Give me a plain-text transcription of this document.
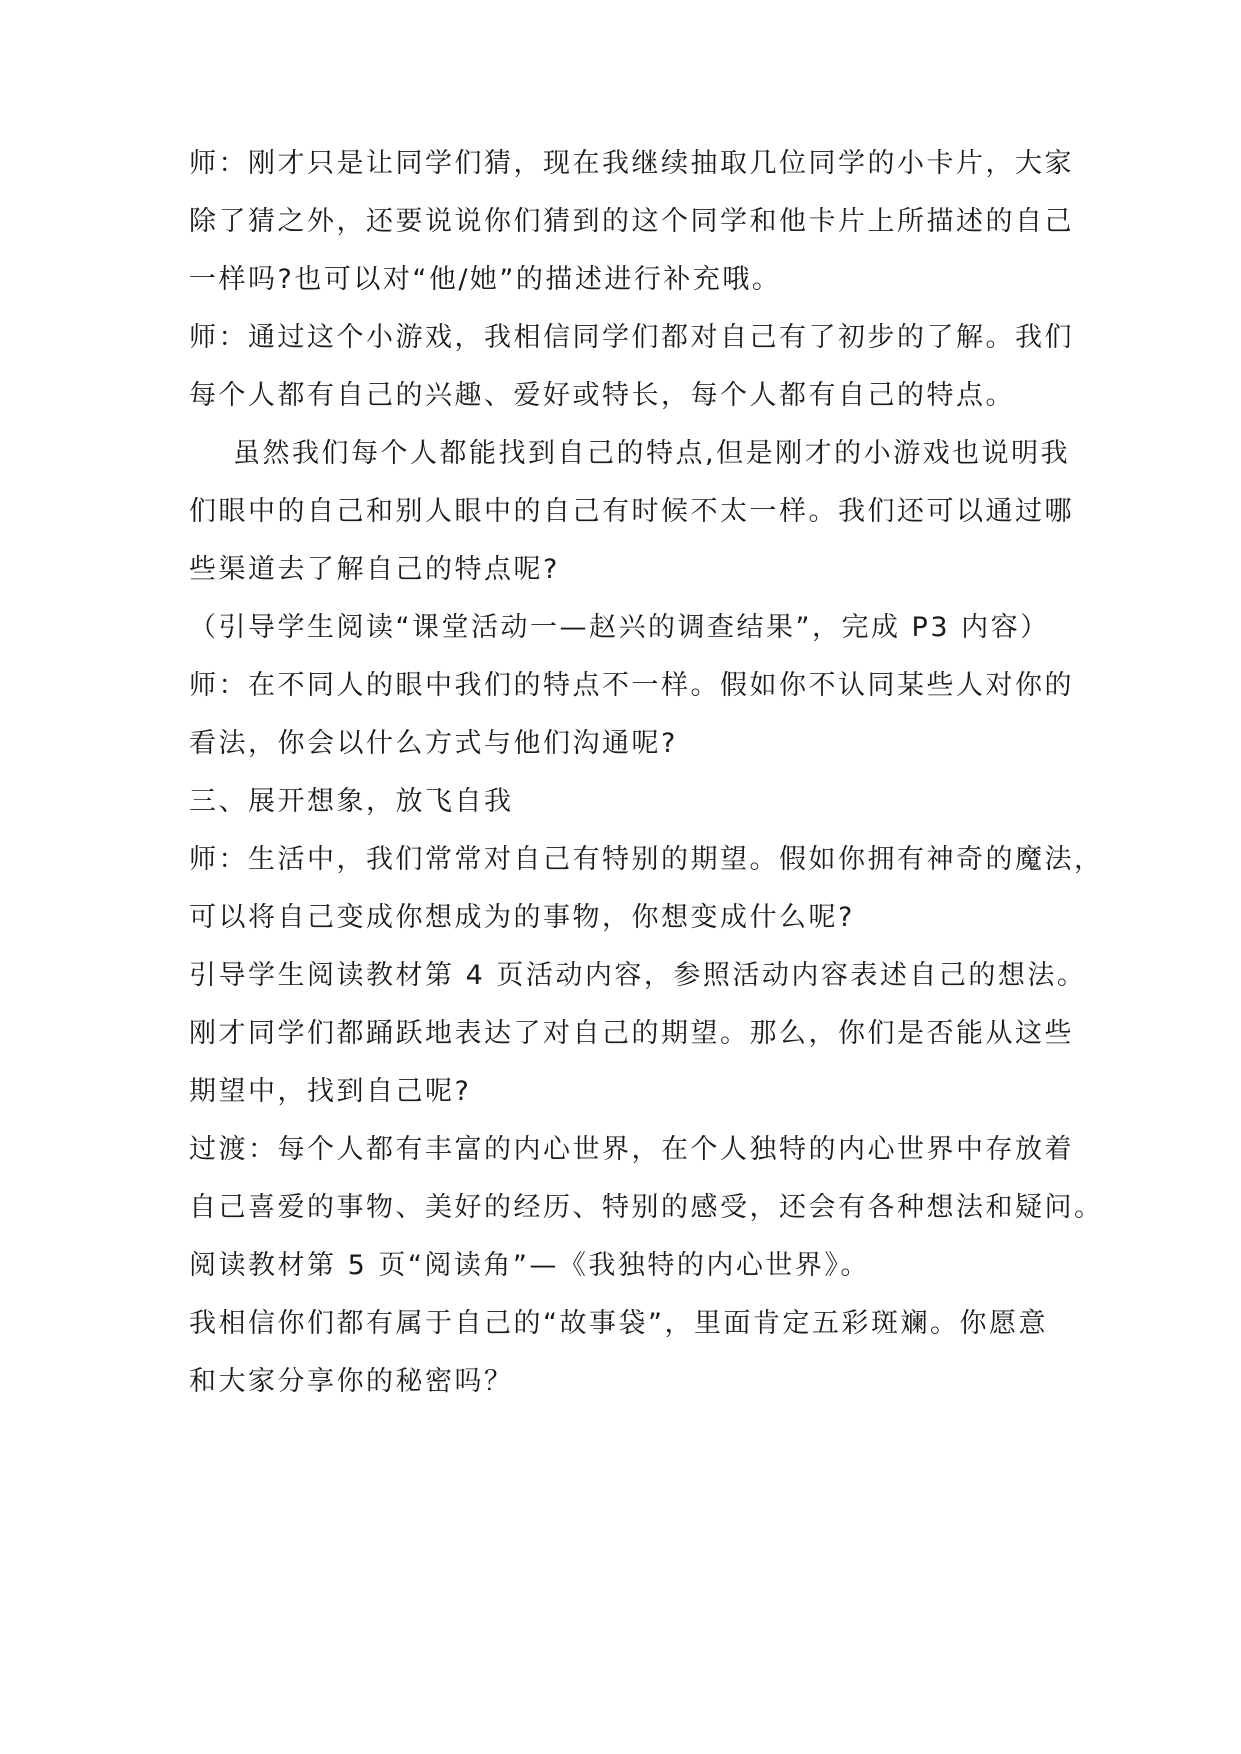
师：刚才只是让同学们猜，现在我继续抽取几位同学的小卡片，大家
除了猜之外，还要说说你们猜到的这个同学和他卡片上所描述的自己
一样吗?也可以对“他/她”的描述进行补充哦。
师：通过这个小游戏，我相信同学们都对自己有了初步的了解。我们
每个人都有自己的兴趣、爱好或特长，每个人都有自己的特点。
虽然我们每个人都能找到自己的特点,但是刚才的小游戏也说明我
们眼中的自己和别人眼中的自己有时候不太一样。我们还可以通过哪
些渠道去了解自己的特点呢?
（引导学生阅读“课堂活动一—赵兴的调查结果”，完成 P3 内容）
师：在不同人的眼中我们的特点不一样。假如你不认同某些人对你的
看法，你会以什么方式与他们沟通呢?
三、展开想象，放飞自我
师：生活中，我们常常对自己有特别的期望。假如你拥有神奇的魔法，
可以将自己变成你想成为的事物，你想变成什么呢?
引导学生阅读教材第 4 页活动内容，参照活动内容表述自己的想法。
刚才同学们都踊跃地表达了对自己的期望。那么，你们是否能从这些
期望中，找到自己呢?
过渡：每个人都有丰富的内心世界，在个人独特的内心世界中存放着
自己喜爱的事物、美好的经历、特别的感受，还会有各种想法和疑问。
阅读教材第 5 页“阅读角”—《我独特的内心世界》。
我相信你们都有属于自己的“故事袋”，里面肯定五彩斑斓。你愿意
和大家分享你的秘密吗？
